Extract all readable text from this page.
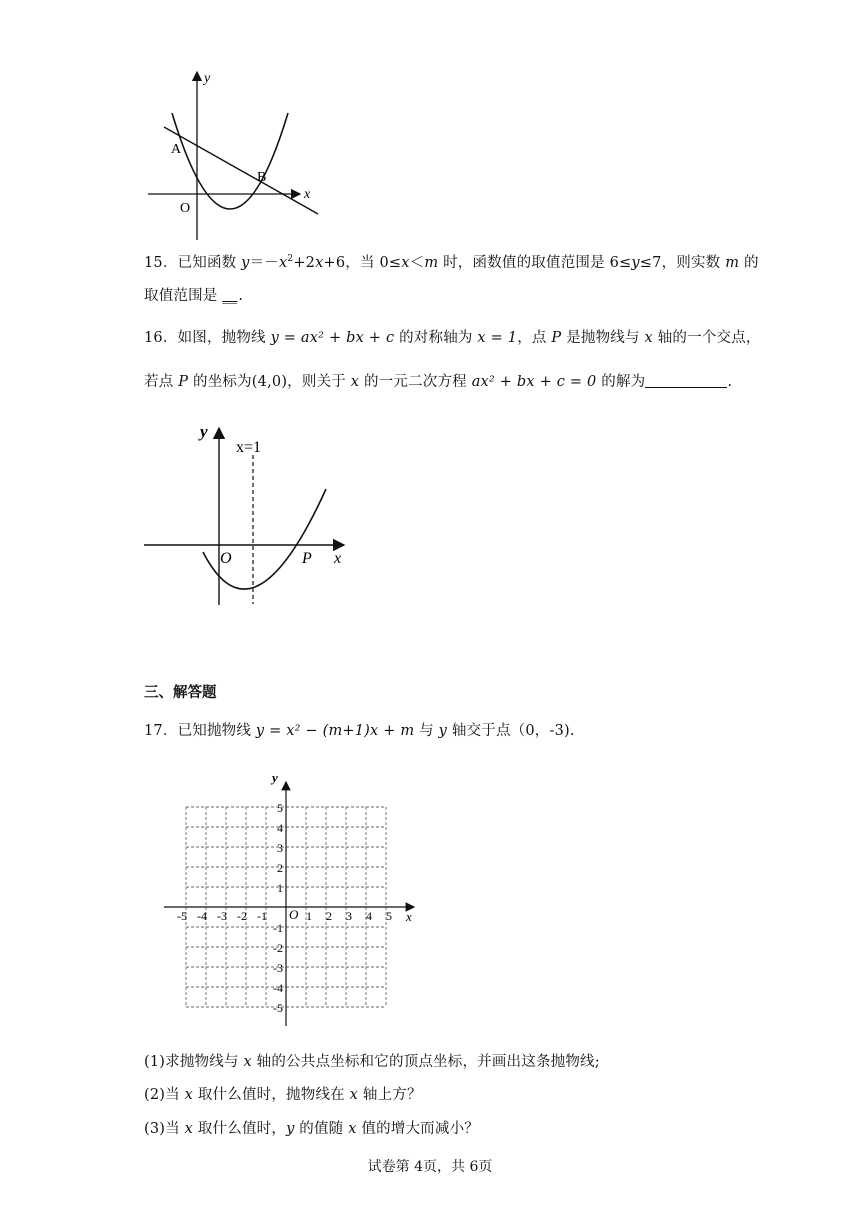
y
x
A
B
O
15．已知函数 $y=-x^2+2x+6$，当 0≤x＜m 时，函数值的取值范围是 6≤y≤7，则实数 m 的
取值范围是 __.
16．如图，抛物线 y = ax² + bx + c 的对称轴为 x = 1，点 P 是抛物线与 x 轴的一个交点，
若点 P 的坐标为(4,0)，则关于 x 的一元二次方程 ax² + bx + c = 0 的解为	.
y
x=1
O	P x
三、解答题
17．已知抛物线 y = x² − (m+1)x + m 与 y 轴交于点（0，-3).
-5 -4 -3 -2 -1	1 2 3 4 5
5
4
3
2
1
-1
-2
-3
-4
-5
y
x
O
(1)求抛物线与 x 轴的公共点坐标和它的顶点坐标，并画出这条抛物线;
(2)当 x 取什么值时，抛物线在 x 轴上方？
(3)当 x 取什么值时，y 的值随 x 值的增大而减小？
试卷第 4页，共 6页
